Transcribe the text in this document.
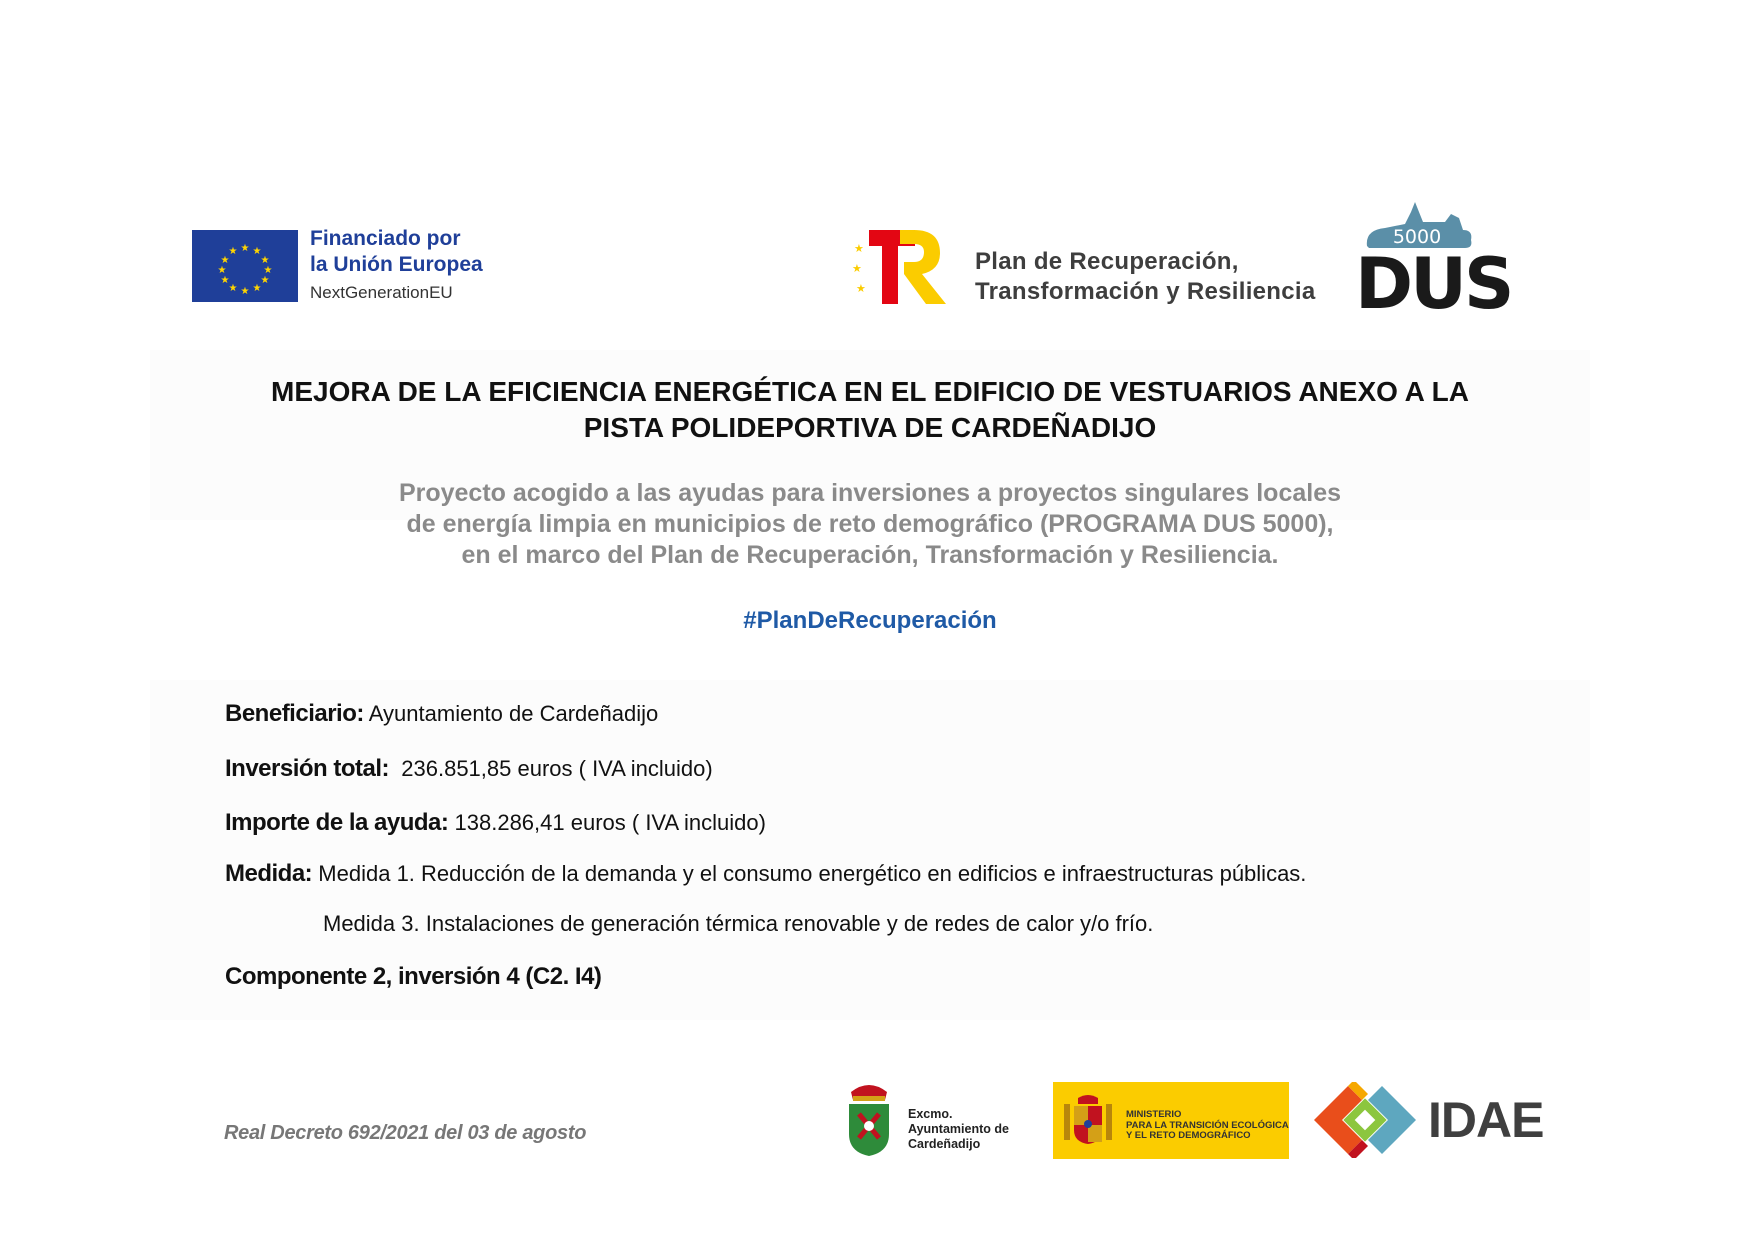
★ ★
★
★
★
★
★
★
★
★
★
★
Financiado por
la Unión Europea
NextGenerationEU
★
★
★
Plan de Recuperación,
Transformación y Resiliencia
5000
DUS
MEJORA DE LA EFICIENCIA ENERGÉTICA EN EL EDIFICIO DE VESTUARIOS ANEXO A LA
PISTA POLIDEPORTIVA DE CARDEÑADIJO
Proyecto acogido a las ayudas para inversiones a proyectos singulares locales
de energía limpia en municipios de reto demográfico (PROGRAMA DUS 5000),
en el marco del Plan de Recuperación, Transformación y Resiliencia.
#PlanDeRecuperación
Beneficiario: Ayuntamiento de Cardeñadijo
Inversión total: 236.851,85 euros ( IVA incluido)
Importe de la ayuda: 138.286,41 euros ( IVA incluido)
Medida: Medida 1. Reducción de la demanda y el consumo energético en edificios e infraestructuras públicas.
Medida 3. Instalaciones de generación térmica renovable y de redes de calor y/o frío.
Componente 2, inversión 4 (C2. I4)
Real Decreto 692/2021 del 03 de agosto
Excmo.
Ayuntamiento de
Cardeñadijo
MINISTERIO
PARA LA TRANSICIÓN ECOLÓGICA
Y EL RETO DEMOGRÁFICO	IDAE
